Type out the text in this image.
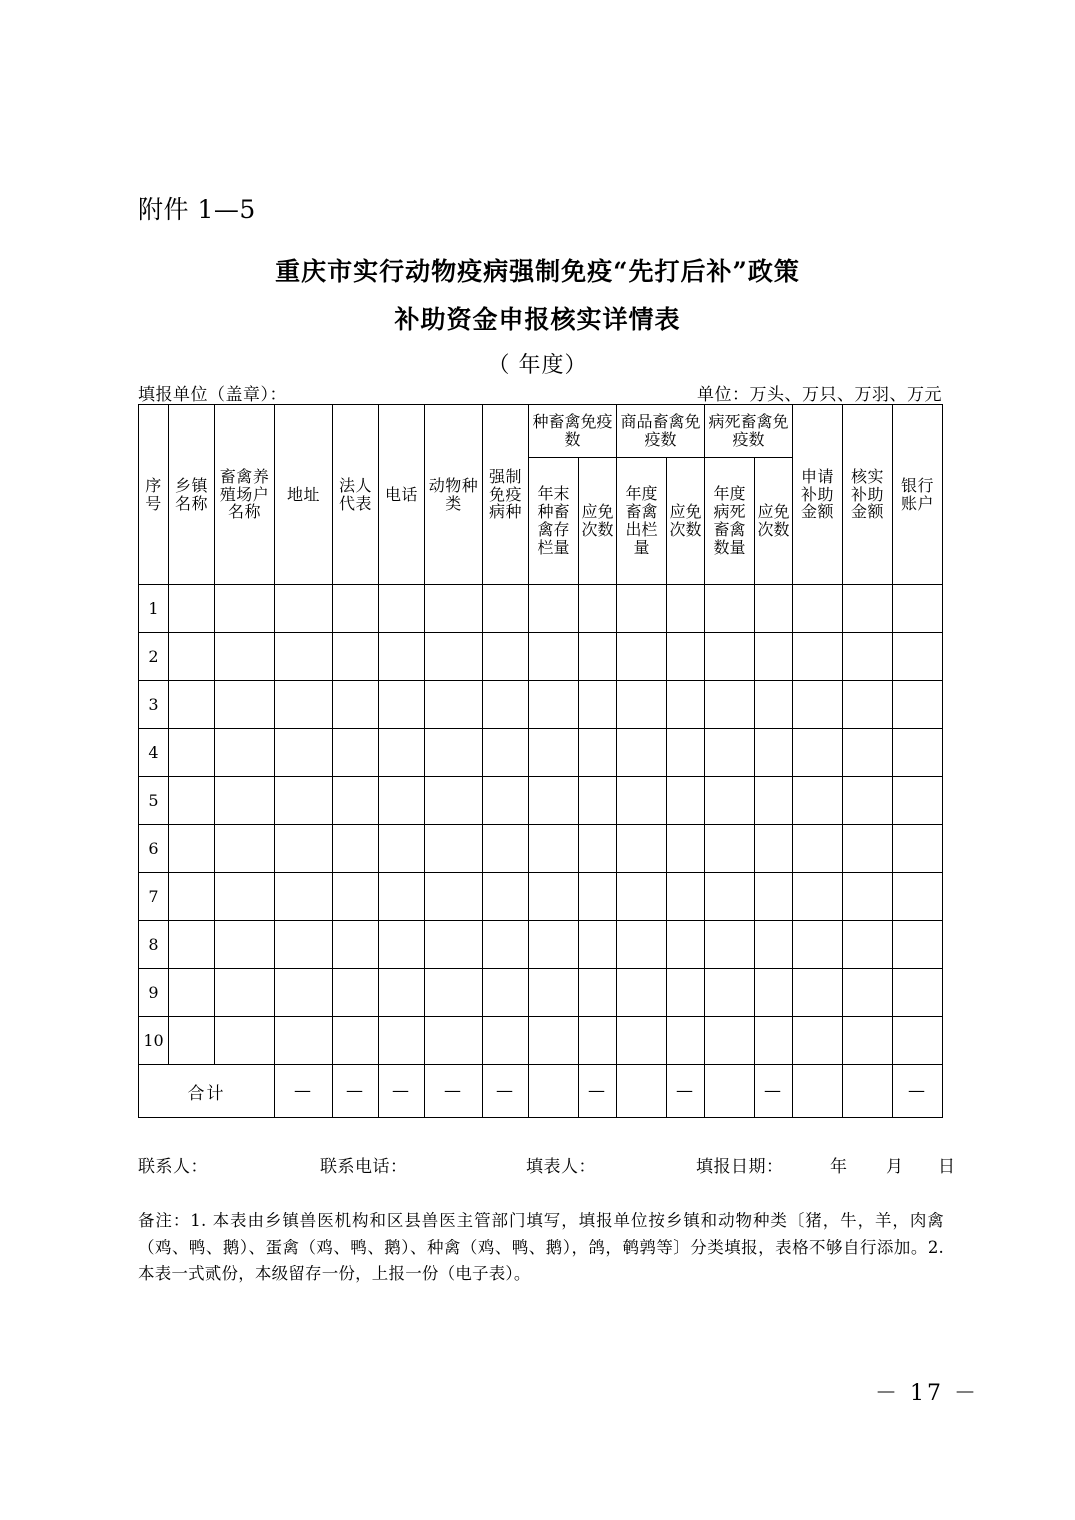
附件 1—5
重庆市实行动物疫病强制免疫“先打后补”政策
补助资金申报核实详情表
（ 年度）
填报单位（盖章）：	单位：万头、万只、万羽、万元
序号	乡镇名称	畜禽养殖场户名称	地址	法人代表	电话	动物种类	强制免疫病种	种畜禽免疫数		商品畜禽免疫数		病死畜禽免疫数		申请补助金额	核实补助金额	银行账户

								年末种畜禽存栏量	应免次数	年度畜禽出栏量	应免次数	年度病死畜禽数量	应免次数			

1																
2																
3																
4																
5																
6																
7																
8																
9																
10																
合计			—	—	—	—	—		—		—		—			—
联系人：	联系电话：	填表人：	填报日期：	年 月 日
备注：1. 本表由乡镇兽医机构和区县兽医主管部门填写，填报单位按乡镇和动物种类〔猪，牛，羊，肉禽（鸡、鸭、鹅）、蛋禽（鸡、鸭、鹅）、种禽（鸡、鸭、鹅），鸽，鹌鹑等〕分类填报，表格不够自行添加。2. 本表一式贰份，本级留存一份，上报一份（电子表）。
－ 17 －
